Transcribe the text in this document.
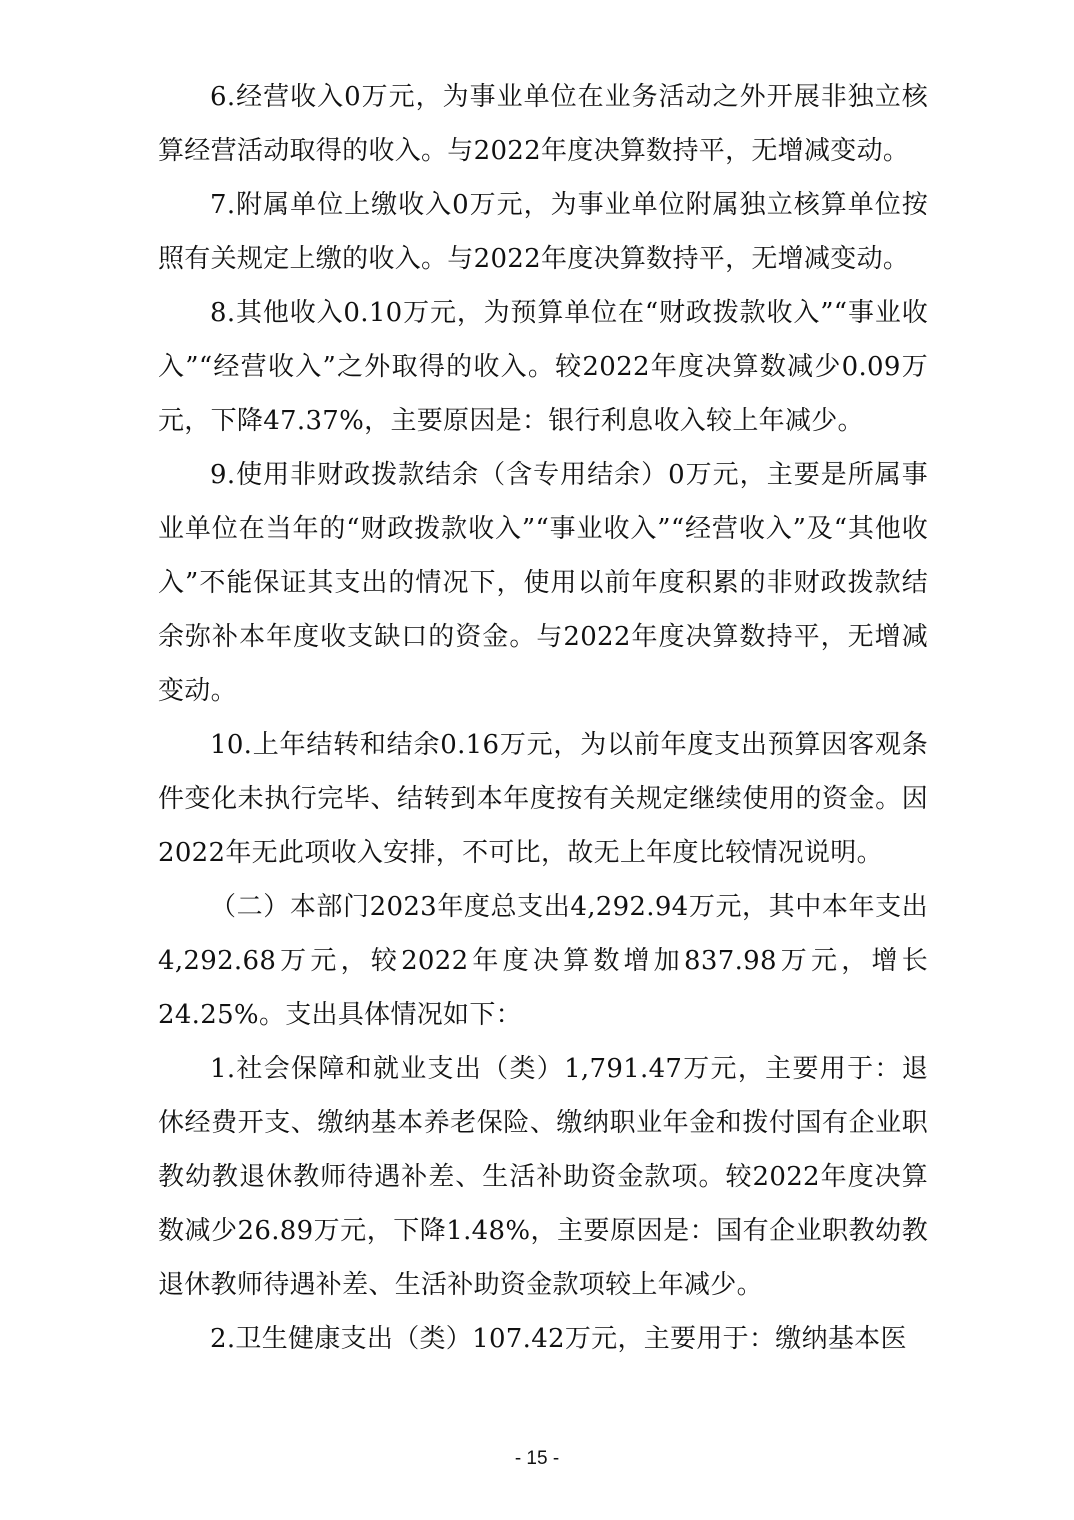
6.经营收入0万元，为事业单位在业务活动之外开展非独立核算经营活动取得的收入。与2022年度决算数持平，无增减变动。

7.附属单位上缴收入0万元，为事业单位附属独立核算单位按照有关规定上缴的收入。与2022年度决算数持平，无增减变动。

8.其他收入0.10万元，为预算单位在“财政拨款收入”“事业收入”“经营收入”之外取得的收入。较2022年度决算数减少0.09万元，下降47.37%，主要原因是：银行利息收入较上年减少。

9.使用非财政拨款结余（含专用结余）0万元，主要是所属事业单位在当年的“财政拨款收入”“事业收入”“经营收入”及“其他收入”不能保证其支出的情况下，使用以前年度积累的非财政拨款结余弥补本年度收支缺口的资金。与2022年度决算数持平，无增减变动。

10.上年结转和结余0.16万元，为以前年度支出预算因客观条件变化未执行完毕、结转到本年度按有关规定继续使用的资金。因2022年无此项收入安排，不可比，故无上年度比较情况说明。

（二）本部门2023年度总支出4,292.94万元，其中本年支出4,292.68万元，较2022年度决算数增加837.98万元，增长24.25%。支出具体情况如下：

1.社会保障和就业支出（类）1,791.47万元，主要用于：退休经费开支、缴纳基本养老保险、缴纳职业年金和拨付国有企业职教幼教退休教师待遇补差、生活补助资金款项。较2022年度决算数减少26.89万元，下降1.48%，主要原因是：国有企业职教幼教退休教师待遇补差、生活补助资金款项较上年减少。

2.卫生健康支出（类）107.42万元，主要用于：缴纳基本医

- 15 -
